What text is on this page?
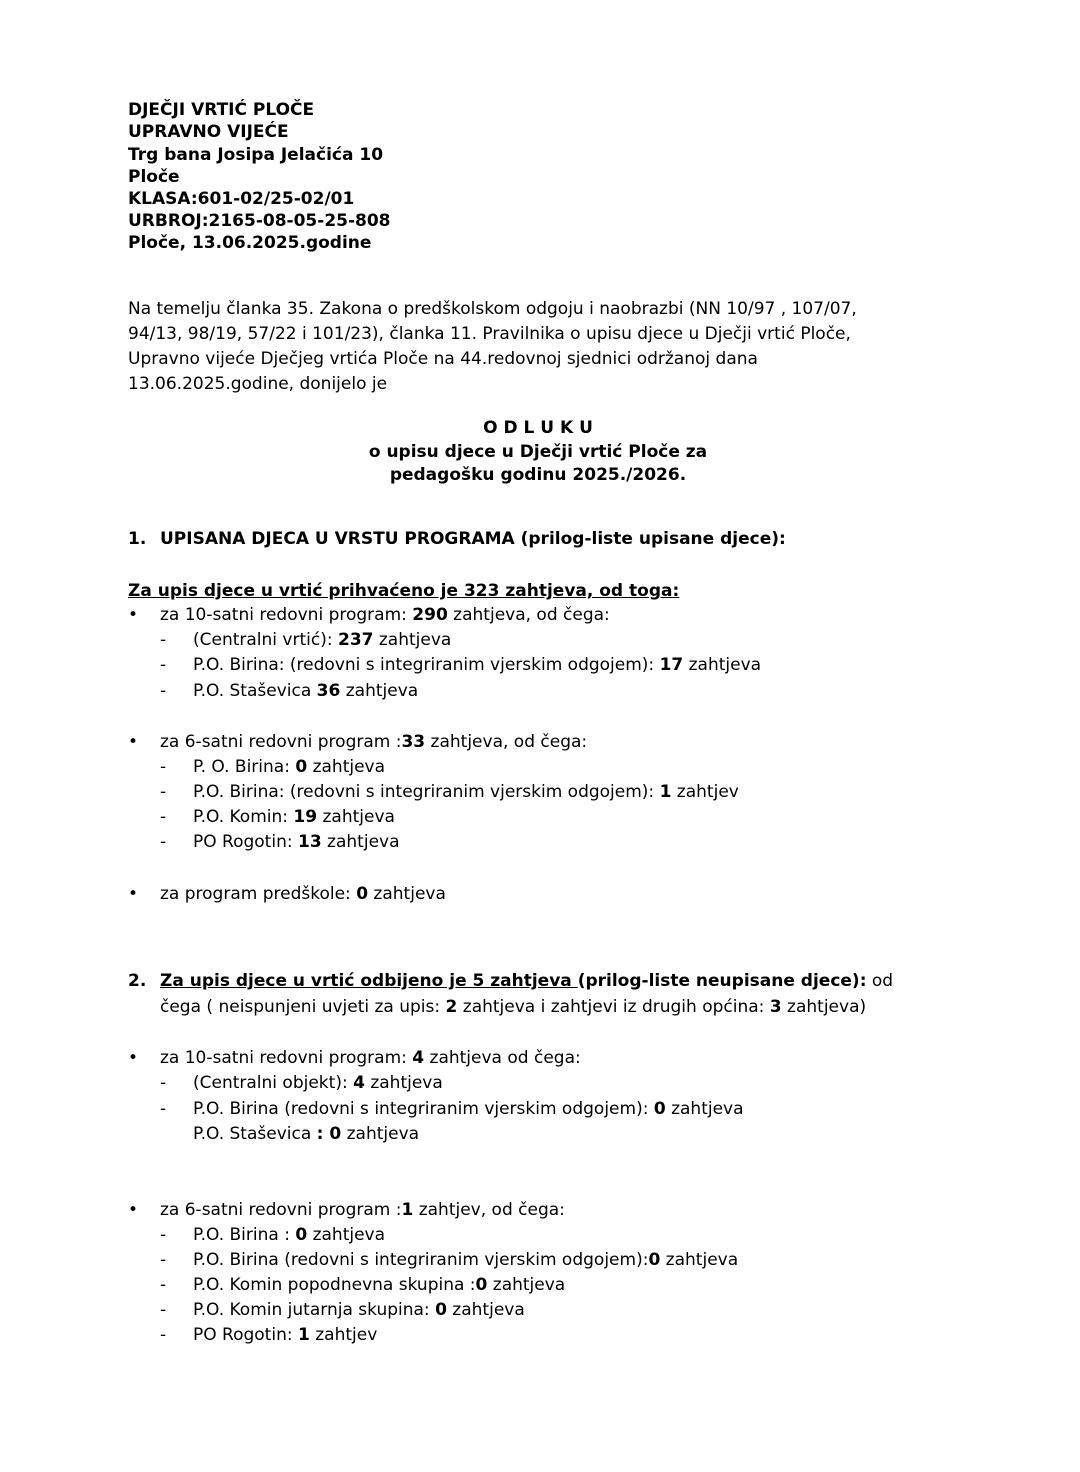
DJEČJI VRTIĆ PLOČE
UPRAVNO VIJEĆE
Trg bana Josipa Jelačića 10
Ploče
KLASA:601-02/25-02/01
URBROJ:2165-08-05-25-808
Ploče, 13.06.2025.godine
Na temelju članka 35. Zakona o predškolskom odgoju i naobrazbi (NN 10/97 , 107/07,
94/13, 98/19, 57/22 i 101/23), članka 11. Pravilnika o upisu djece u Dječji vrtić Ploče,
Upravno vijeće Dječjeg vrtića Ploče na 44.redovnoj sjednici održanoj dana
13.06.2025.godine, donijelo je
O D L U K U
o upisu djece u Dječji vrtić Ploče za
pedagošku godinu 2025./2026.
1. UPISANA DJECA U VRSTU PROGRAMA (prilog-liste upisane djece):
Za upis djece u vrtić prihvaćeno je 323 zahtjeva, od toga:
•	za 10-satni redovni program: 290 zahtjeva, od čega:
- (Centralni vrtić): 237 zahtjeva
- P.O. Birina: (redovni s integriranim vjerskim odgojem): 17 zahtjeva
- P.O. Staševica 36 zahtjeva
•	za 6-satni redovni program :33 zahtjeva, od čega:
- P. O. Birina: 0 zahtjeva
- P.O. Birina: (redovni s integriranim vjerskim odgojem): 1 zahtjev
- P.O. Komin: 19 zahtjeva
- PO Rogotin: 13 zahtjeva
•	za program predškole: 0 zahtjeva
2. Za upis djece u vrtić odbijeno je 5 zahtjeva (prilog-liste neupisane djece): od
čega ( neispunjeni uvjeti za upis: 2 zahtjeva i zahtjevi iz drugih općina: 3 zahtjeva)
•	za 10-satni redovni program: 4 zahtjeva od čega:
- (Centralni objekt): 4 zahtjeva
- P.O. Birina (redovni s integriranim vjerskim odgojem): 0 zahtjeva
P.O. Staševica : 0 zahtjeva
•	za 6-satni redovni program :1 zahtjev, od čega:
- P.O. Birina : 0 zahtjeva
- P.O. Birina (redovni s integriranim vjerskim odgojem):0 zahtjeva
- P.O. Komin popodnevna skupina :0 zahtjeva
- P.O. Komin jutarnja skupina: 0 zahtjeva
- PO Rogotin: 1 zahtjev
